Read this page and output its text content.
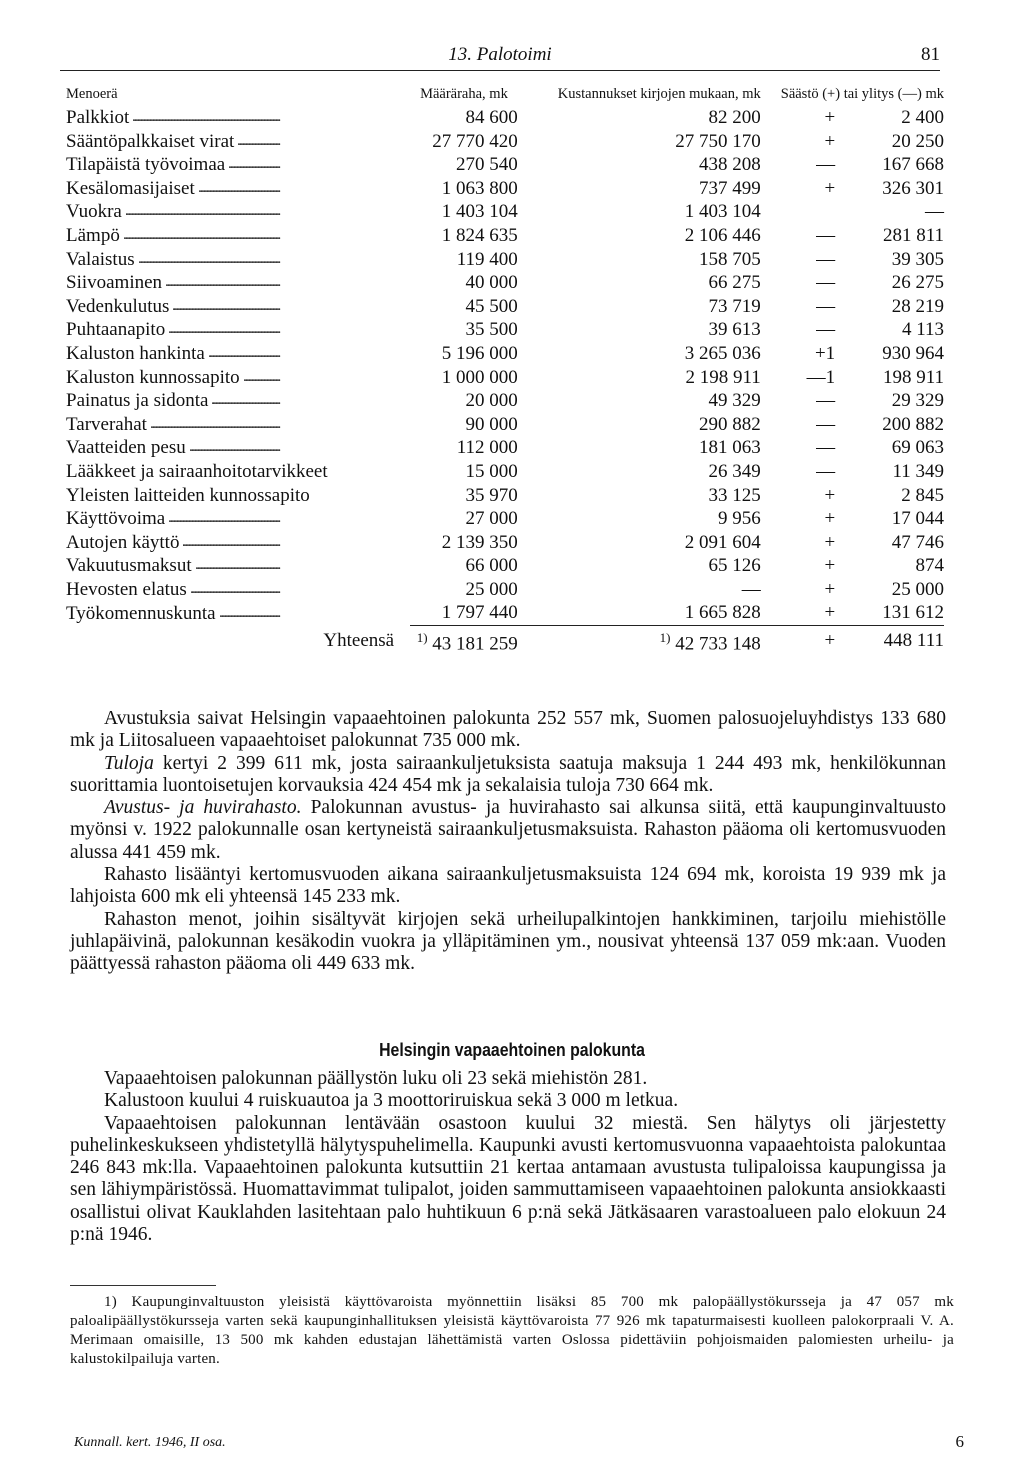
13. Palotoimi	81
Menoerä	Määräraha, mk	Kustannukset kirjojen mukaan, mk	Säästö (+) tai ylitys (—) mk	

Palkkiot . . .	84 600	82 200	+	2 400

Sääntöpalkkaiset virat . . .	27 770 420	27 750 170	+	20 250

Tilapäistä työvoimaa . . .	270 540	438 208	—	167 668

Kesälomasijaiset . . .	1 063 800	737 499	+	326 301

Vuokra . . .	1 403 104	1 403 104		—

Lämpö . . .	1 824 635	2 106 446	—	281 811

Valaistus . . .	119 400	158 705	—	39 305

Siivoaminen . . .	40 000	66 275	—	26 275

Vedenkulutus . . .	45 500	73 719	—	28 219

Puhtaanapito . . .	35 500	39 613	—	4 113

Kaluston hankinta . . .	5 196 000	3 265 036	+1	930 964

Kaluston kunnossapito . . .	1 000 000	2 198 911	—1	198 911

Painatus ja sidonta . . .	20 000	49 329	—	29 329

Tarverahat . . .	90 000	290 882	—	200 882

Vaatteiden pesu . . .	112 000	181 063	—	69 063

Lääkkeet ja sairaanhoitotarvikkeet . . .	15 000	26 349	—	11 349

Yleisten laitteiden kunnossapito . . .	35 970	33 125	+	2 845

Käyttövoima . . .	27 000	9 956	+	17 044

Autojen käyttö . . .	2 139 350	2 091 604	+	47 746

Vakuutusmaksut . . .	66 000	65 126	+	874

Hevosten elatus . . .	25 000	—	+	25 000

Työkomennuskunta . . .	1 797 440	1 665 828	+	131 612
Yhteensä	$^{1)}$ 43 181 259	$^{1)}$ 42 733 148	+	448 111

Avustuksia saivat Helsingin vapaaehtoinen palokunta 252 557 mk, Suomen palosuojeluyhdistys 133 680 mk ja Liitosalueen vapaaehtoiset palokunnat 735 000 mk.

Tuloja kertyi 2 399 611 mk, josta sairaankuljetuksista saatuja maksuja 1 244 493 mk, henkilökunnan suorittamia luontoisetujen korvauksia 424 454 mk ja sekalaisia tuloja 730 664 mk.

Avustus- ja huvirahasto. Palokunnan avustus- ja huvirahasto sai alkunsa siitä, että kaupunginvaltuusto myönsi v. 1922 palokunnalle osan kertyneistä sairaankuljetusmaksuista. Rahaston pääoma oli kertomusvuoden alussa 441 459 mk.

Rahasto lisääntyi kertomusvuoden aikana sairaankuljetusmaksuista 124 694 mk, koroista 19 939 mk ja lahjoista 600 mk eli yhteensä 145 233 mk.

Rahaston menot, joihin sisältyvät kirjojen sekä urheilupalkintojen hankkiminen, tarjoilu miehistölle juhlapäivinä, palokunnan kesäkodin vuokra ja ylläpitäminen ym., nousivat yhteensä 137 059 mk:aan. Vuoden päättyessä rahaston pääoma oli 449 633 mk.

Helsingin vapaaehtoinen palokunta

Vapaaehtoisen palokunnan päällystön luku oli 23 sekä miehistön 281.

Kalustoon kuului 4 ruiskuautoa ja 3 moottoriruiskua sekä 3 000 m letkua.

Vapaaehtoisen palokunnan lentävään osastoon kuului 32 miestä. Sen hälytys oli järjestetty puhelinkeskukseen yhdistetyllä hälytyspuhelimella. Kaupunki avusti kertomusvuonna vapaaehtoista palokuntaa 246 843 mk:lla. Vapaaehtoinen palokunta kutsuttiin 21 kertaa antamaan avustusta tulipaloissa kaupungissa ja sen lähiympäristössä. Huomattavimmat tulipalot, joiden sammuttamiseen vapaaehtoinen palokunta ansiokkaasti osallistui olivat Kauklahden lasitehtaan palo huhtikuun 6 p:nä sekä Jätkäsaaren varastoalueen palo elokuun 24 p:nä 1946.

1) Kaupunginvaltuuston yleisistä käyttövaroista myönnettiin lisäksi 85 700 mk palopäällystökursseja ja 47 057 mk paloalipäällystökursseja varten sekä kaupunginhallituksen yleisistä käyttövaroista 77 926 mk tapaturmaisesti kuolleen palokorpraali V. A. Merimaan omaisille, 13 500 mk kahden edustajan lähettämistä varten Oslossa pidettäviin pohjoismaiden palomiesten urheilu- ja kalustokilpailuja varten.

Kunnall. kert. 1946, II osa.	6
